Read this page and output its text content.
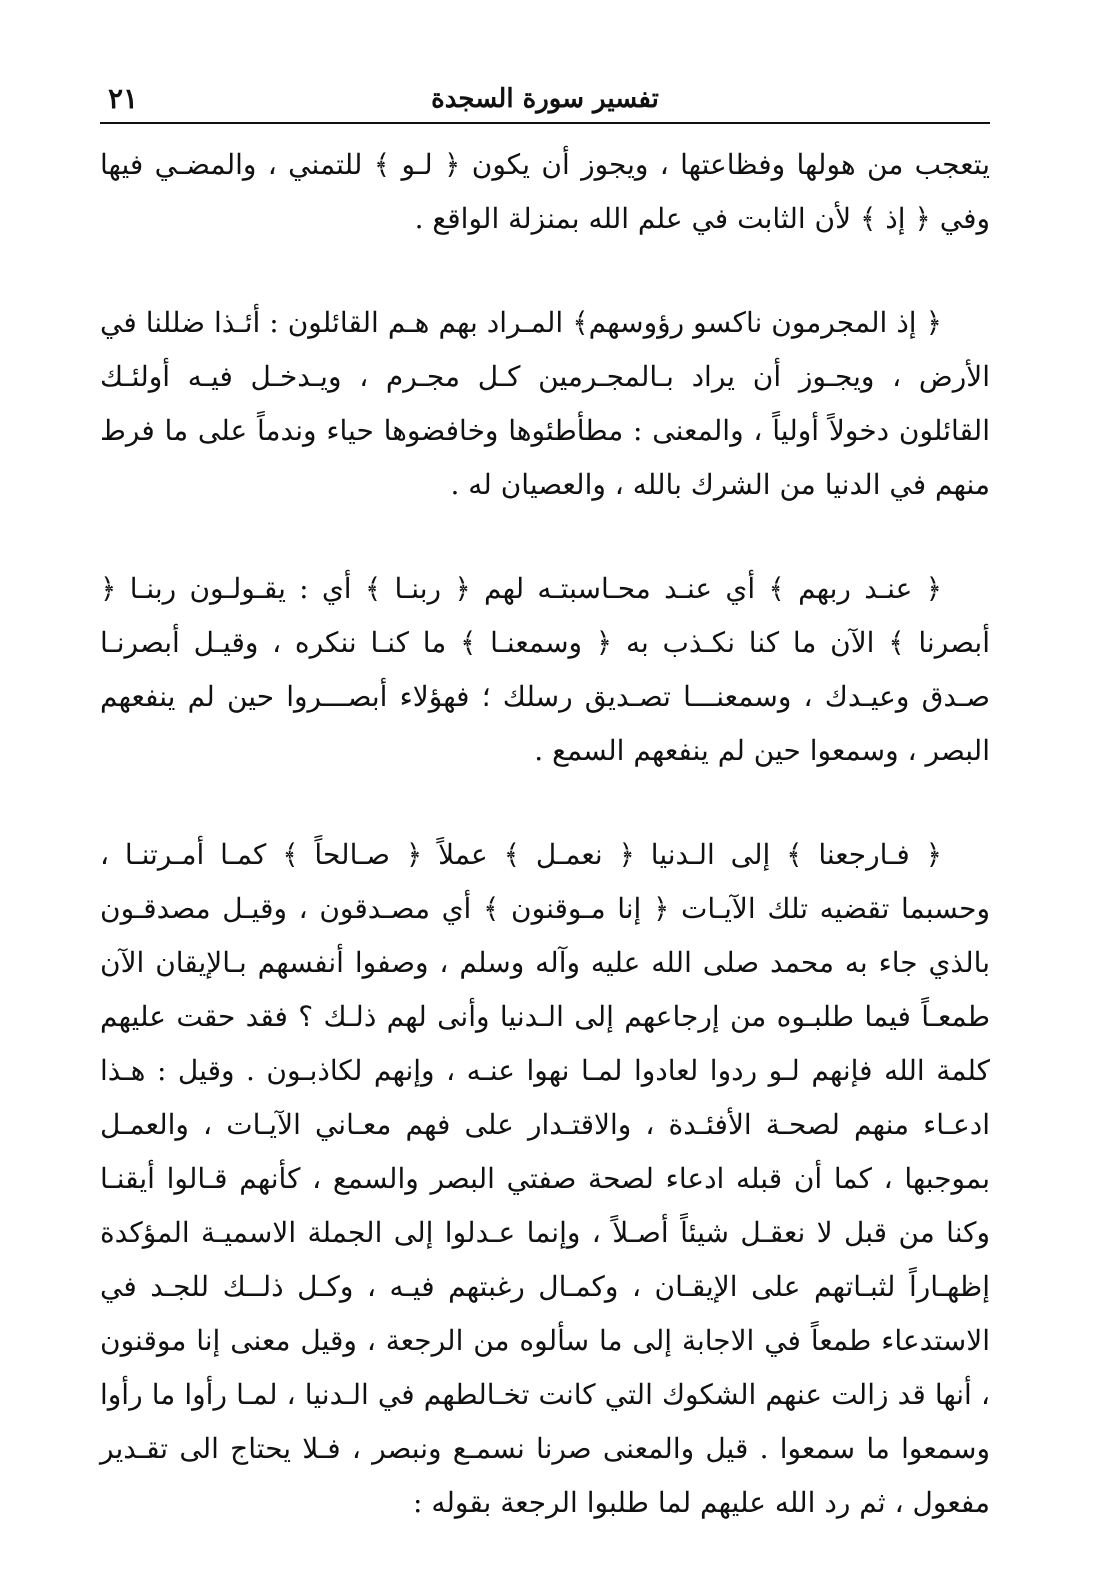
تفسير سورة السجدة
٢١

يتعجب من هولها وفظاعتها ، ويجوز أن يكون ﴿ لـو ﴾ للتمني ، والمضـي فيها وفي ﴿ إذ ﴾ لأن الثابت في علم الله بمنزلة الواقع .

﴿ إذ المجرمون ناكسو رؤوسهم﴾ المـراد بهم هـم القائلون : أئـذا ضللنا في الأرض ، ويجـوز أن يراد بـالمجـرمين كـل مجـرم ، ويـدخـل فيـه أولئـك القائلون دخولاً أولياً ، والمعنى : مطأطئوها وخافضوها حياء وندماً على ما فرط منهم في الدنيا من الشرك بالله ، والعصيان له .

﴿ عنـد ربهم ﴾ أي عنـد محـاسبتـه لهم ﴿ ربنـا ﴾ أي : يقـولـون ربنـا ﴿ أبصرنا ﴾ الآن ما كنا نكـذب به ﴿ وسمعنـا ﴾ ما كنـا ننكره ، وقيـل أبصرنـا صـدق وعيـدك ، وسمعنـــا تصـديق رسلك ؛ فهؤلاء أبصـــروا حين لم ينفعهم البصر ، وسمعوا حين لم ينفعهم السمع .

﴿ فـارجعنا ﴾ إلى الـدنيا ﴿ نعمـل ﴾ عملاً ﴿ صـالحاً ﴾ كمـا أمـرتنـا ، وحسبما تقضيه تلك الآيـات ﴿ إنا مـوقنون ﴾ أي مصـدقون ، وقيـل مصدقـون بالذي جاء به محمد صلى الله عليه وآله وسلم ، وصفوا أنفسهم بـالإيقان الآن طمعـاً فيما طلبـوه من إرجاعهم إلى الـدنيا وأنى لهم ذلـك ؟ فقد حقت عليهم كلمة الله فإنهم لـو ردوا لعادوا لمـا نهوا عنـه ، وإنهم لكاذبـون . وقيل : هـذا ادعـاء منهم لصحـة الأفئـدة ، والاقتـدار على فهم معـاني الآيـات ، والعمـل بموجبها ، كما أن قبله ادعاء لصحة صفتي البصر والسمع ، كأنهم قـالوا أيقنـا وكنا من قبل لا نعقـل شيئاً أصـلاً ، وإنما عـدلوا إلى الجملة الاسميـة المؤكدة إظهـاراً لثبـاتهم على الإيقـان ، وكمـال رغبتهم فيـه ، وكـل ذلــك للجـد في الاستدعاء طمعاً في الاجابة إلى ما سألوه من الرجعة ، وقيل معنى إنا موقنون ، أنها قد زالت عنهم الشكوك التي كانت تخـالطهم في الـدنيا ، لمـا رأوا ما رأوا وسمعوا ما سمعوا . قيل والمعنى صرنا نسمـع ونبصر ، فـلا يحتاج الى تقـدير مفعول ، ثم رد الله عليهم لما طلبوا الرجعة بقوله :
